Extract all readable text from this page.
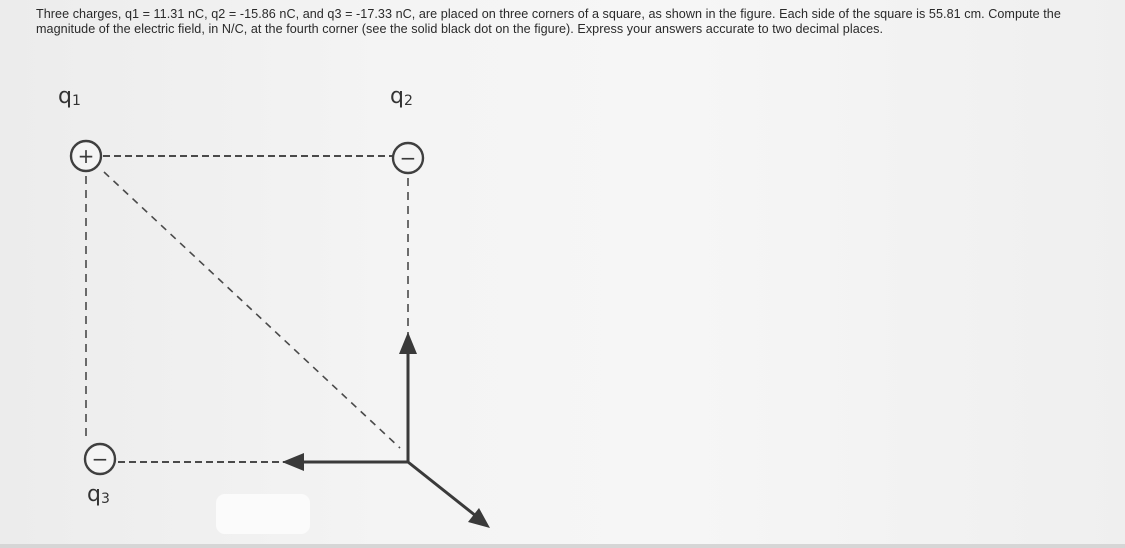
Three charges, q1 = 11.31 nC, q2 = -15.86 nC, and q3 = -17.33 nC, are placed on three corners of a square, as shown in the figure. Each side of the square is 55.81 cm. Compute the
magnitude of the electric field, in N/C, at the fourth corner (see the solid black dot on the figure). Express your answers accurate to two decimal places.
$q_1$	$q_2$
$q_3$
+	−
−
